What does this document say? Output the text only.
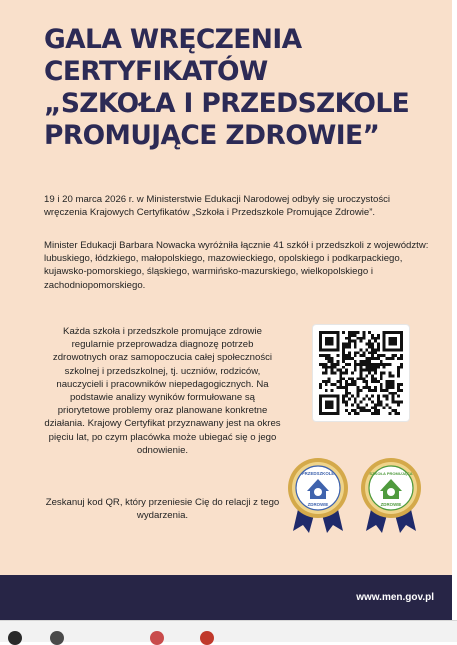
GALA WRĘCZENIA
CERTYFIKATÓW
„SZKOŁA I PRZEDSZKOLE
PROMUJĄCE ZDROWIE”

19 i 20 marca 2026 r. w Ministerstwie Edukacji Narodowej odbyły się uroczystości wręczenia Krajowych Certyfikatów „Szkoła i Przedszkole Promujące Zdrowie”.

Minister Edukacji Barbara Nowacka wyróżniła łącznie 41 szkół i przedszkoli z województw: lubuskiego, łódzkiego, małopolskiego, mazowieckiego, opolskiego i podkarpackiego, kujawsko-pomorskiego, śląskiego, warmińsko-mazurskiego, wielkopolskiego i zachodniopomorskiego.

Każda szkoła i przedszkole promujące zdrowie regularnie przeprowadza diagnozę potrzeb zdrowotnych oraz samopoczucia całej społeczności szkolnej i przedszkolnej, tj. uczniów, rodziców, nauczycieli i pracowników niepedagogicznych. Na podstawie analizy wyników formułowane są priorytetowe problemy oraz planowane konkretne działania. Krajowy Certyfikat przyznawany jest na okres pięciu lat, po czym placówka może ubiegać się o jego odnowienie.

Zeskanuj kod QR, który przeniesie Cię do relacji z tego wydarzenia.

PRZEDSZKOLE
ZDROWIE
SZKOŁA PROMUJĄCA
ZDROWIE
www.men.gov.pl
